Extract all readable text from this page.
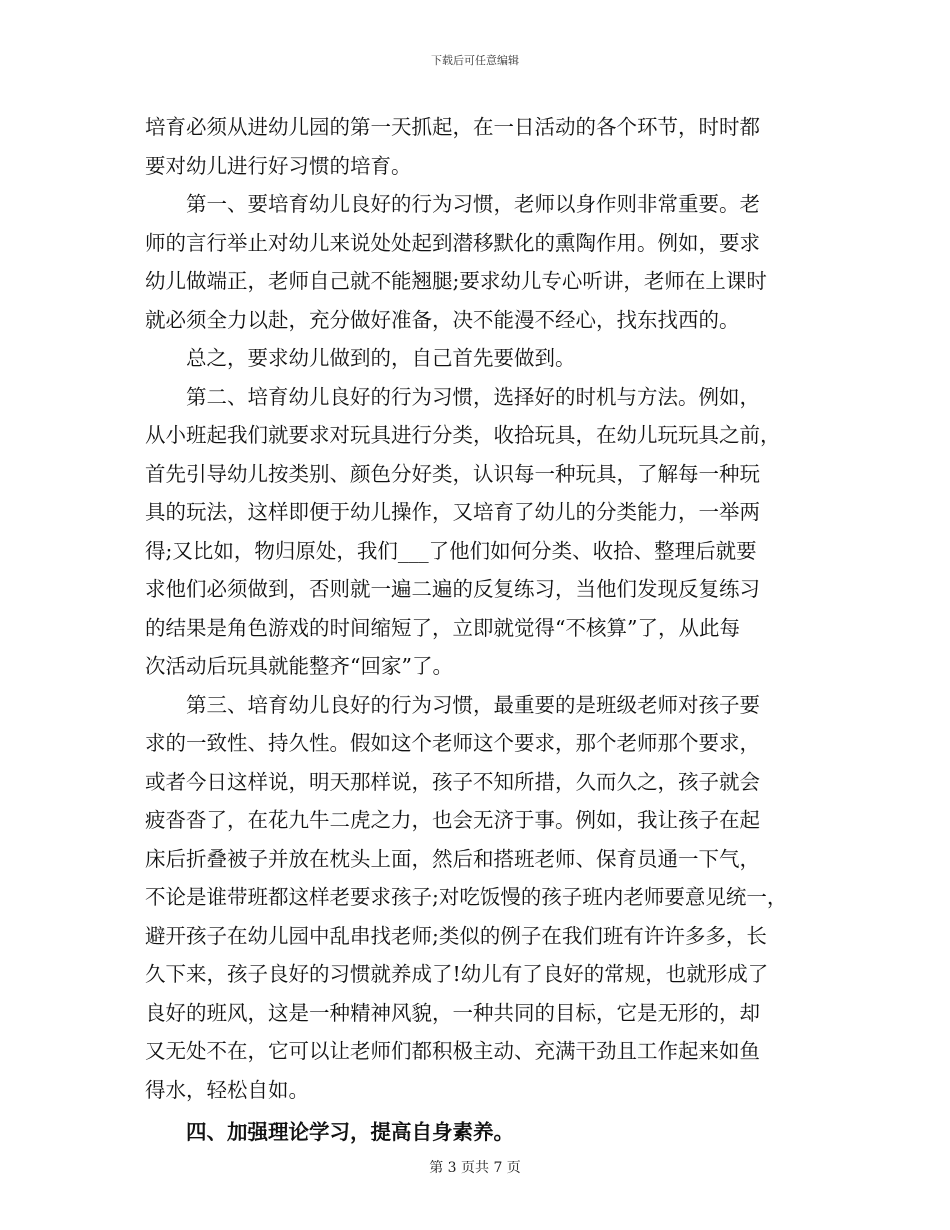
下载后可任意编辑
培育必须从进幼儿园的第一天抓起，在一日活动的各个环节，时时都
要对幼儿进行好习惯的培育。
第一、要培育幼儿良好的行为习惯，老师以身作则非常重要。老
师的言行举止对幼儿来说处处起到潜移默化的熏陶作用。例如，要求
幼儿做端正，老师自己就不能翘腿;要求幼儿专心听讲，老师在上课时
就必须全力以赴，充分做好准备，决不能漫不经心，找东找西的。
总之，要求幼儿做到的，自己首先要做到。
第二、培育幼儿良好的行为习惯，选择好的时机与方法。例如，
从小班起我们就要求对玩具进行分类，收拾玩具，在幼儿玩玩具之前，
首先引导幼儿按类别、颜色分好类，认识每一种玩具，了解每一种玩
具的玩法，这样即便于幼儿操作，又培育了幼儿的分类能力，一举两
得;又比如，物归原处，我们___了他们如何分类、收拾、整理后就要
求他们必须做到，否则就一遍二遍的反复练习，当他们发现反复练习
的结果是角色游戏的时间缩短了，立即就觉得“不核算”了，从此每
次活动后玩具就能整齐“回家”了。
第三、培育幼儿良好的行为习惯，最重要的是班级老师对孩子要
求的一致性、持久性。假如这个老师这个要求，那个老师那个要求，
或者今日这样说，明天那样说，孩子不知所措，久而久之，孩子就会
疲沓沓了，在花九牛二虎之力，也会无济于事。例如，我让孩子在起
床后折叠被子并放在枕头上面，然后和搭班老师、保育员通一下气，
不论是谁带班都这样老要求孩子;对吃饭慢的孩子班内老师要意见统一，
避开孩子在幼儿园中乱串找老师;类似的例子在我们班有许许多多，长
久下来，孩子良好的习惯就养成了!幼儿有了良好的常规，也就形成了
良好的班风，这是一种精神风貌，一种共同的目标，它是无形的，却
又无处不在，它可以让老师们都积极主动、充满干劲且工作起来如鱼
得水，轻松自如。
四、加强理论学习，提高自身素养。
第 3 页共 7 页
